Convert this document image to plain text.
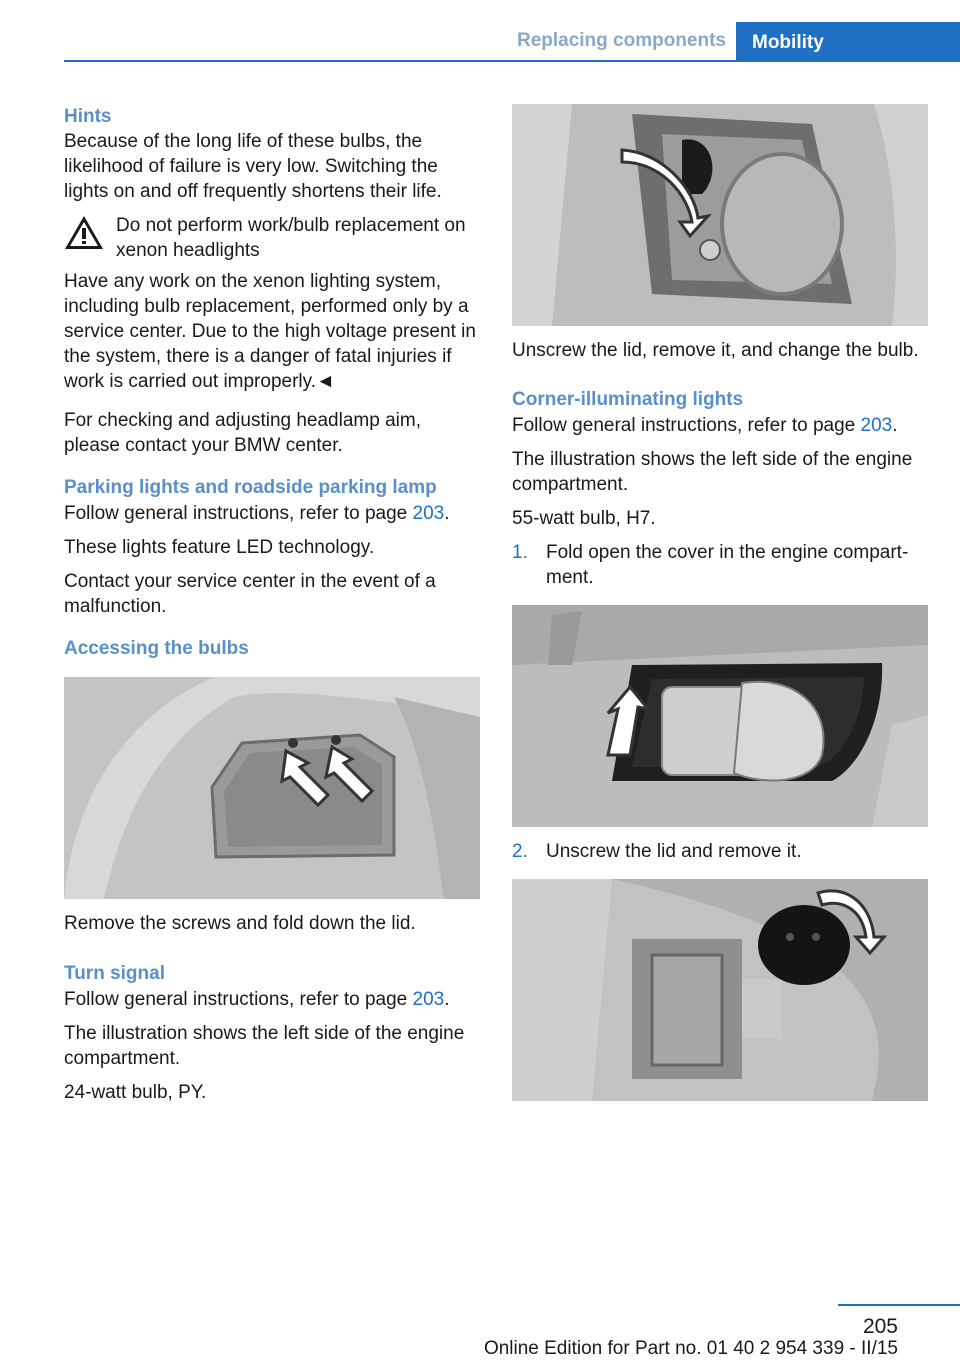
Replacing components	Mobility

Hints

Because of the long life of these bulbs, the likelihood of failure is very low. Switching the lights on and off frequently shortens their life.

Do not perform work/bulb replacement on xenon headlights

Have any work on the xenon lighting system, including bulb replacement, performed only by a service center. Due to the high voltage present in the system, there is a danger of fatal injuries if work is carried out improperly.◄

For checking and adjusting headlamp aim, please contact your BMW center.

Parking lights and roadside parking lamp

Follow general instructions, refer to page 203.

These lights feature LED technology.

Contact your service center in the event of a malfunction.

Accessing the bulbs

Remove the screws and fold down the lid.

Turn signal

Follow general instructions, refer to page 203.

The illustration shows the left side of the engine compartment.

24-watt bulb, PY.

Unscrew the lid, remove it, and change the bulb.

Corner-illuminating lights

Follow general instructions, refer to page 203.

The illustration shows the left side of the engine compartment.

55-watt bulb, H7.

1. Fold open the cover in the engine compartment.

2. Unscrew the lid and remove it.

205
Online Edition for Part no. 01 40 2 954 339 - II/15
